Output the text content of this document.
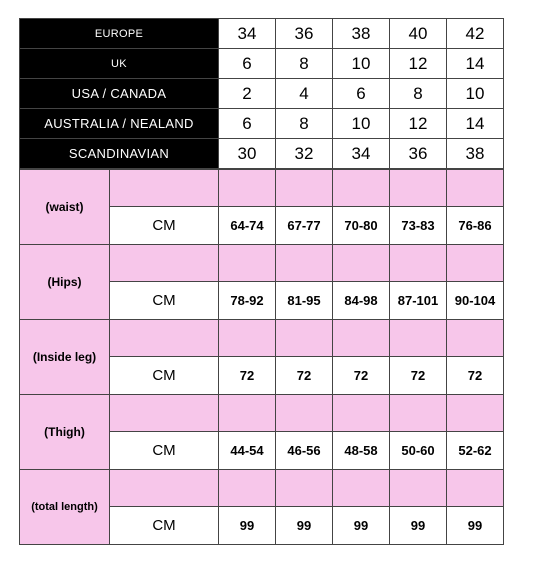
EUROPE	34	36	38	40	42
UK	6	8	10	12	14
USA / CANADA	2	4	6	8	10
AUSTRALIA / NEALAND	6	8	10	12	14
SCANDINAVIAN	30	32	34	36	38
(waist)						
	CM	64-74	67-77	70-80	73-83	76-86
(Hips)						
	CM	78-92	81-95	84-98	87-101	90-104
(Inside leg)						
	CM	72	72	72	72	72
(Thigh)						
	CM	44-54	46-56	48-58	50-60	52-62
(total length)						
	CM	99	99	99	99	99
